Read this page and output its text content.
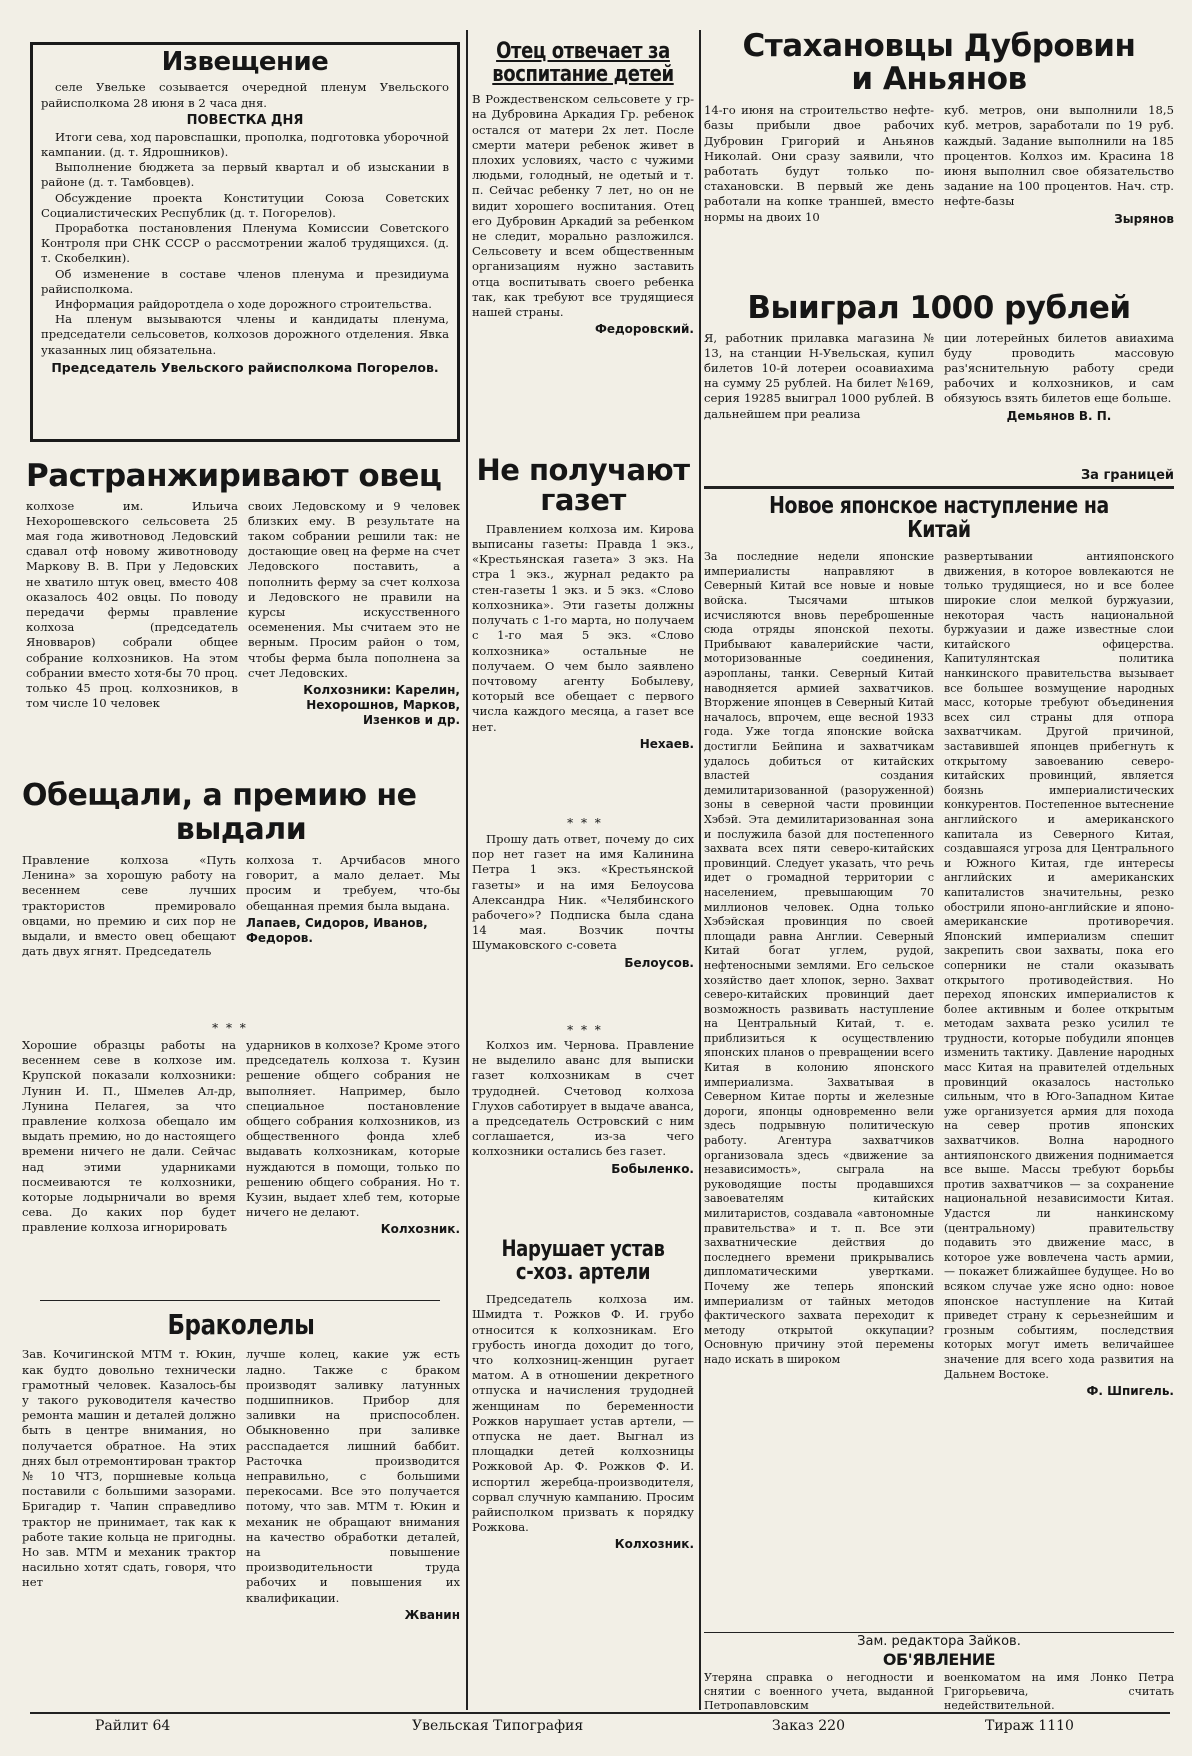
Извещение
селе Увельке созывается очередной пленум Увельского райисполкома 28 июня в 2 часа дня.
ПОВЕСТКА ДНЯ

Итоги сева, ход паровспашки, прополка, подготовка уборочной кампании. (д. т. Ядрошников).

Выполнение бюджета за первый квартал и об изыскании в районе (д. т. Тамбовцев).

Обсуждение проекта Конституции Союза Советских Социалистических Республик (д. т. Погорелов).

Проработка постановления Пленума Комиссии Советского Контроля при СНК СССР о рассмотрении жалоб трудящихся. (д. т. Скобелкин).

Об изменение в составе членов пленума и президиума райисполкома.

Информация райдоротдела о ходе дорожного строительства.

На пленум вызываются члены и кандидаты пленума, председатели сельсоветов, колхозов дорожного отделения. Явка указанных лиц обязательна.
Председатель Увельского райисполкома Погорелов.
Растранжиривают овец
колхозе им. Ильича Нехорошевского сельсовета 25 мая года животновод Ледовский сдавал отф новому животноводу Маркову В. В. При у Ледовских не хватило штук овец, вместо 408 оказалось 402 овцы. По поводу передачи фермы правление колхоза (председатель Яновваров) собрали общее собрание колхозников. На этом собрании вместо хотя-бы 70 проц. только 45 проц. колхозников, в том числе 10 человек
своих Ледовскому и 9 человек близких ему. В результате на таком собрании решили так: не достающие овец на ферме на счет Ледовского поставить, а пополнить ферму за счет колхоза и Ледовского не правили на курсы искусственного осеменения. Мы считаем это не верным. Просим район о том, чтобы ферма была пополнена за счет Ледовских.
Колхозники: Карелин, Нехорошнов, Марков, Изенков и др.
Обещали, а премию не
выдали
Правление колхоза «Путь Ленина» за хорошую работу на весеннем севе лучших трактористов премировало овцами, но премию и сих пор не выдали, и вместо овец обещают дать двух ягнят. Председатель
колхоза т. Арчибасов много говорит, а мало делает. Мы просим и требуем, что-бы обещанная премия была выдана.
Лапаев, Сидоров, Иванов, Федоров.
* * *
Хорошие образцы работы на весеннем севе в колхозе им. Крупской показали колхозники: Лунин И. П., Шмелев Ал-др, Лунина Пелагея, за что правление колхоза обещало им выдать премию, но до настоящего времени ничего не дали. Сейчас над этими ударниками посмеиваются те колхозники, которые лодырничали во время сева. До каких пор будет правление колхоза игнорировать
ударников в колхозе? Кроме этого председатель колхоза т. Кузин решение общего собрания не выполняет. Например, было специальное постановление общего собрания колхозников, из общественного фонда хлеб выдавать колхозникам, которые нуждаются в помощи, только по решению общего собрания. Но т. Кузин, выдает хлеб тем, которые ничего не делают.
Колхозник.
Браколелы
Зав. Кочигинской МТМ т. Юкин, как будто довольно технически грамотный человек. Казалось-бы у такого руководителя качество ремонта машин и деталей должно быть в центре внимания, но получается обратное. На этих днях был отремонтирован трактор № 10 ЧТЗ, поршневые кольца поставили с большими зазорами. Бригадир т. Чапин справедливо трактор не принимает, так как к работе такие кольца не пригодны. Но зав. МТМ и механик трактор насильно хотят сдать, говоря, что нет
лучше колец, какие уж есть ладно. Также с браком производят заливку латунных подшипников. Прибор для заливки на приспособлен. Обыкновенно при заливке расспадается лишний баббит. Расточка производится неправильно, с большими перекосами. Все это получается потому, что зав. МТМ т. Юкин и механик не обращают внимания на качество обработки деталей, на повышение производительности труда рабочих и повышения их квалификации.
Жванин
Отец отвечает за воспитание детей
В Рождественском сельсовете у гр-на Дубровина Аркадия Гр. ребенок остался от матери 2х лет. После смерти матери ребенок живет в плохих условиях, часто с чужими людьми, голодный, не одетый и т. п. Сейчас ребенку 7 лет, но он не видит хорошего воспитания. Отец его Дубровин Аркадий за ребенком не следит, морально разложился. Сельсовету и всем общественным организациям нужно заставить отца воспитывать своего ребенка так, как требуют все трудящиеся нашей страны.
Федоровский.
Не получают газет
Правлением колхоза им. Кирова выписаны газеты: Правда 1 экз., «Крестьянская газета» 3 экз. На стра 1 экз., журнал редакто ра стен-газеты 1 экз. и 5 экз. «Слово колхозника». Эти газеты должны получать с 1-го марта, но получаем с 1-го мая 5 экз. «Слово колхозника» остальные не получаем. О чем было заявлено почтовому агенту Бобылеву, который все обещает с первого числа каждого месяца, а газет все нет.
Нехаев.
* * *
Прошу дать ответ, почему до сих пор нет газет на имя Калинина Петра 1 экз. «Крестьянской газеты» и на имя Белоусова Александра Ник. «Челябинского рабочего»? Подписка была сдана 14 мая. Возчик почты Шумаковского с-совета
Белоусов.
* * *
Колхоз им. Чернова. Правление не выделило аванс для выписки газет колхозникам в счет трудодней. Счетовод колхоза Глухов саботирует в выдаче аванса, а председатель Островский с ним соглашается, из-за чего колхозники остались без газет.
Бобыленко.
Нарушает устав с-хоз. артели
Председатель колхоза им. Шмидта т. Рожков Ф. И. грубо относится к колхозникам. Его грубость иногда доходит до того, что колхозниц-женщин ругает матом. А в отношении декретного отпуска и начисления трудодней женщинам по беременности Рожков нарушает устав артели, — отпуска не дает. Выгнал из площадки детей колхозницы Рожковой Ар. Ф. Рожков Ф. И. испортил жеребца-производителя, сорвал случную кампанию. Просим райисполком призвать к порядку Рожкова.
Колхозник.
Стахановцы Дубровин
и Аньянов
14-го июня на строительство нефте-базы прибыли двое рабочих Дубровин Григорий и Аньянов Николай. Они сразу заявили, что работать будут только по-стахановски. В первый же день работали на копке траншей, вместо нормы на двоих 10
куб. метров, они выполнили 18,5 куб. метров, заработали по 19 руб. каждый. Задание выполнили на 185 процентов. Колхоз им. Красина 18 июня выполнил свое обязательство задание на 100 процентов. Нач. стр. нефте-базы
Зырянов
Выиграл 1000 рублей
Я, работник прилавка магазина № 13, на станции Н-Увельская, купил билетов 10-й лотереи осоавиахима на сумму 25 рублей. На билет №169, серия 19285 выиграл 1000 рублей. В дальнейшем при реализа
ции лотерейных билетов авиахима буду проводить массовую раз'яснительную работу среди рабочих и колхозников, и сам обязуюсь взять билетов еще больше.
Демьянов В. П.
За границей
Новое японское наступление на Китай
За последние недели японские империалисты направляют в Северный Китай все новые и новые войска. Тысячами штыков исчисляются вновь переброшенные сюда отряды японской пехоты. Прибывают кавалерийские части, моторизованные соединения, аэропланы, танки. Северный Китай наводняется армией захватчиков. Вторжение японцев в Северный Китай началось, впрочем, еще весной 1933 года. Уже тогда японские войска достигли Бейпина и захватчикам удалось добиться от китайских властей создания демилитаризованной (разоруженной) зоны в северной части провинции Хэбэй. Эта демилитаризованная зона и послужила базой для постепенного захвата всех пяти северо-китайских провинций. Следует указать, что речь идет о громадной территории с населением, превышающим 70 миллионов человек. Одна только Хэбэйская провинция по своей площади равна Англии. Северный Китай богат углем, рудой, нефтеносными землями. Его сельское хозяйство дает хлопок, зерно. Захват северо-китайских провинций дает возможность развивать наступление на Центральный Китай, т. е. приблизиться к осуществлению японских планов о превращении всего Китая в колонию японского империализма. Захватывая в Северном Китае порты и железные дороги, японцы одновременно вели здесь подрывную политическую работу. Агентура захватчиков организовала здесь «движение за независимость», сыграла на руководящие посты продавшихся завоевателям китайских милитаристов, создавала «автономные правительства» и т. п. Все эти захватнические действия до последнего времени прикрывались дипломатическими увертками. Почему же теперь японский империализм от тайных методов фактического захвата переходит к методу открытой оккупации? Основную причину этой перемены надо искать в широком
развертывании антияпонского движения, в которое вовлекаются не только трудящиеся, но и все более широкие слои мелкой буржуазии, некоторая часть национальной буржуазии и даже известные слои китайского офицерства. Капитулянтская политика нанкинского правительства вызывает все большее возмущение народных масс, которые требуют объединения всех сил страны для отпора захватчикам. Другой причиной, заставившей японцев прибегнуть к открытому завоеванию северо-китайских провинций, является боязнь империалистических конкурентов. Постепенное вытеснение английского и американского капитала из Северного Китая, создавшаяся угроза для Центрального и Южного Китая, где интересы английских и американских капиталистов значительны, резко обострили японо-английские и японо-американские противоречия. Японский империализм спешит закрепить свои захваты, пока его соперники не стали оказывать открытого противодействия. Но переход японских империалистов к более активным и более открытым методам захвата резко усилил те трудности, которые побудили японцев изменить тактику. Давление народных масс Китая на правителей отдельных провинций оказалось настолько сильным, что в Юго-Западном Китае уже организуется армия для похода на север против японских захватчиков. Волна народного антияпонского движения поднимается все выше. Массы требуют борьбы против захватчиков — за сохранение национальной независимости Китая. Удастся ли нанкинскому (центральному) правительству подавить это движение масс, в которое уже вовлечена часть армии, — покажет ближайшее будущее. Но во всяком случае уже ясно одно: новое японское наступление на Китай приведет страну к серьезнейшим и грозным событиям, последствия которых могут иметь величайшее значение для всего хода развития на Дальнем Востоке.
Ф. Шпигель.
Зам. редактора Зайков.
ОБ'ЯВЛЕНИЕ
Утеряна справка о негодности и снятии с военного учета, выданной Петропавловским
военкоматом на имя Лонко Петра Григорьевича, считать недействительной.
Райлит 64	Увельская Типография	Заказ 220	Тираж 1110
